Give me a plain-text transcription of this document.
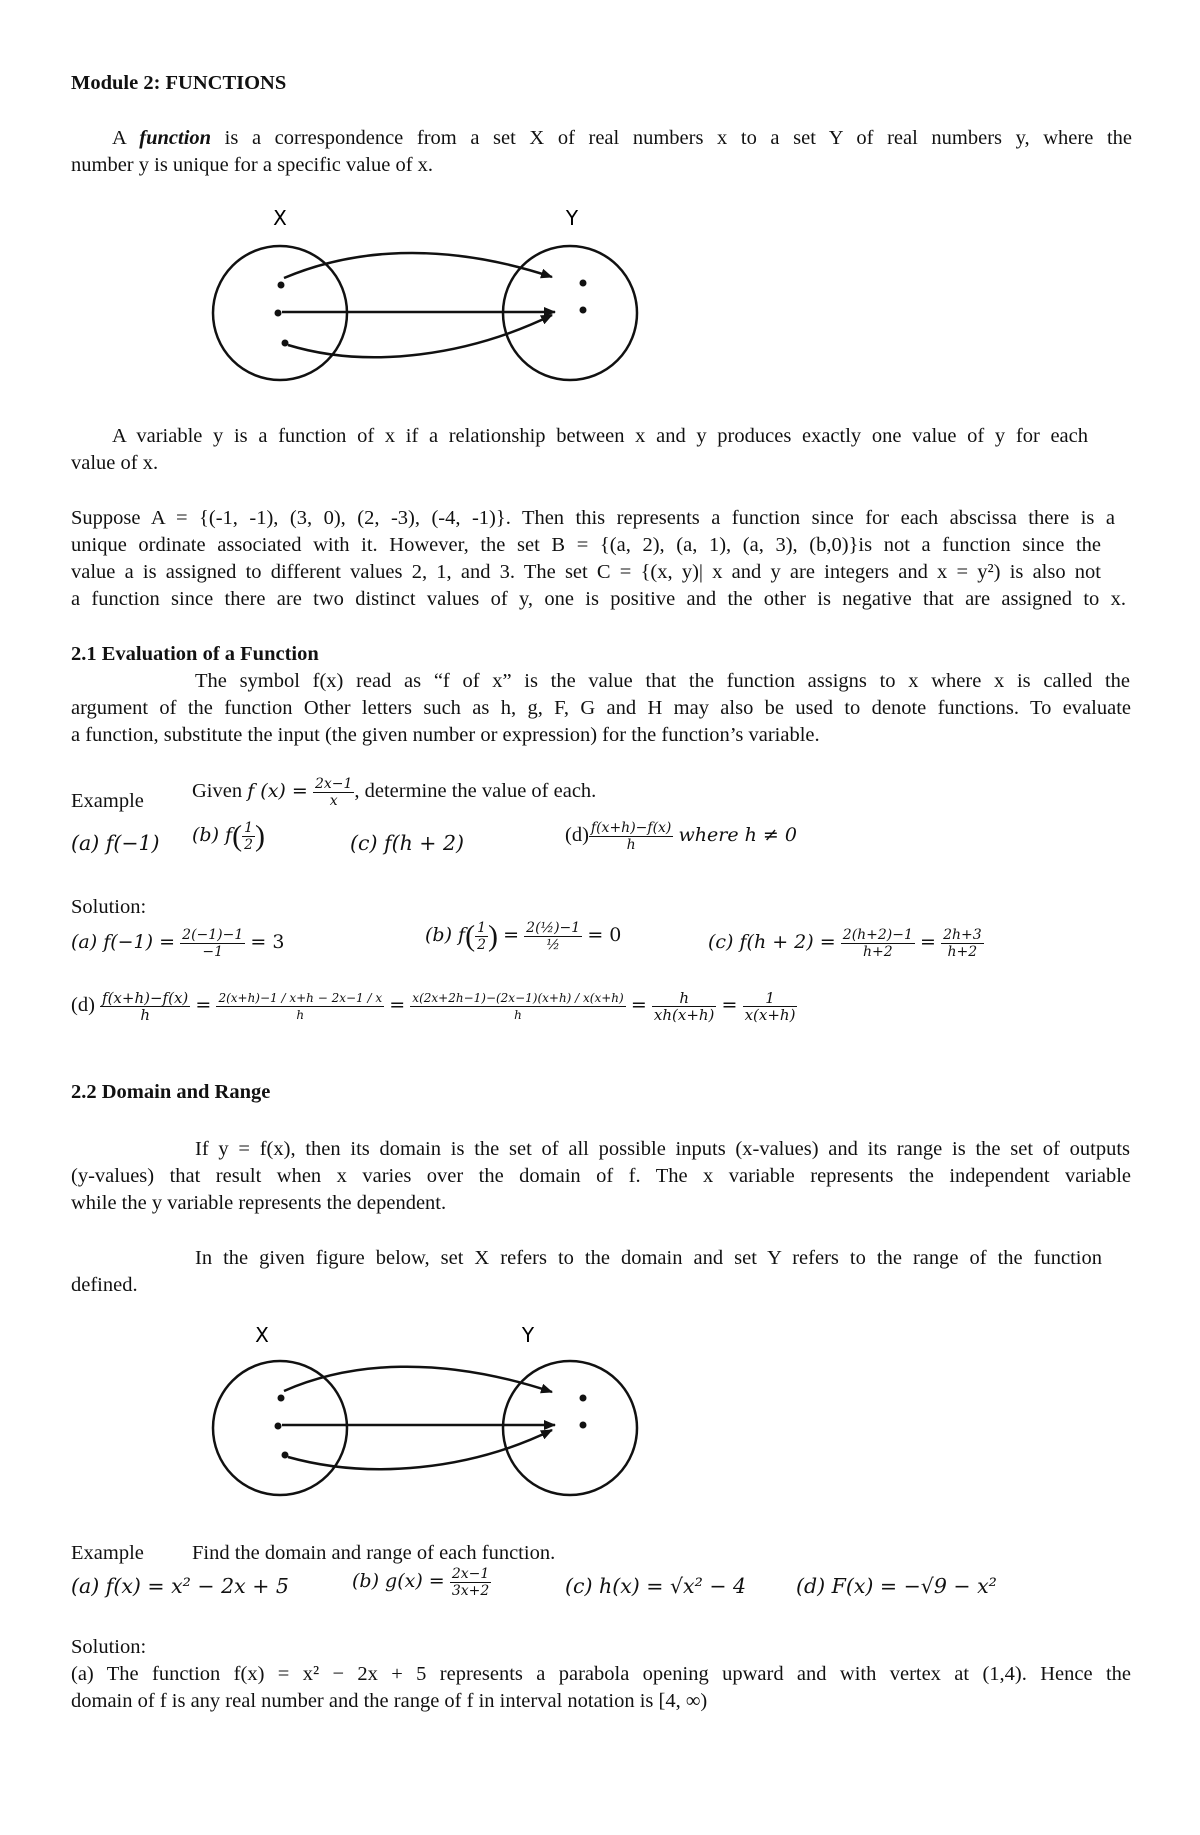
Module 2: FUNCTIONS
A function is a correspondence from a set X of real numbers x to a set Y of real numbers y, where the
number y is unique for a specific value of x.
X	Y
A variable y is a function of x if a relationship between x and y produces exactly one value of y for each
value of x.
Suppose A = {(-1, -1), (3, 0), (2, -3), (-4, -1)}. Then this represents a function since for each abscissa there is a
unique ordinate associated with it. However, the set B = {(a, 2), (a, 1), (a, 3), (b,0)}is not a function since the
value a is assigned to different values 2, 1, and 3. The set C = {(x, y)| x and y are integers and x = y²) is also not
a function since there are two distinct values of y, one is positive and the other is negative that are assigned to x.
2.1 Evaluation of a Function
The symbol f(x) read as “f of x” is the value that the function assigns to x where x is called the
argument of the function Other letters such as h, g, F, G and H may also be used to denote functions. To evaluate
a function, substitute the input (the given number or expression) for the function’s variable.
Example Given f $(x) = \frac{2x-1}{x}$ , determine the value of each.
(a) f(−1) (b) $f( \frac{1}{2}$ )	(c) f(h + 2)	$(d) \frac{f(x+h)-f(x)}{h}$ where h ≠ 0
Solution:
(a) $f(-1) = \frac{2(-1)-1}{-1} = 3$	(b) $f( \frac{1}{2}$ ) = $\frac{\text{2(½)−1}}{\text{½}} = 0$	(c) $f(h + 2) = \frac{2(h+2)-1}{h+2} = \frac{2h+3}{h+2}$
$(d) \frac{f(x+h)-f(x)}{h} = \frac{2(x+h)-1 / x+h - 2x-1 / x}{h} = \frac{x(2x+2h-1)-(2x-1)(x+h) / x(x+h)}{h} = \frac{h}{xh(x+h)} = \frac{1}{x(x+h)}$
2.2 Domain and Range
If y = f(x), then its domain is the set of all possible inputs (x-values) and its range is the set of outputs
(y-values) that result when x varies over the domain of f. The x variable represents the independent variable
while the y variable represents the dependent.
In the given figure below, set X refers to the domain and set Y refers to the range of the function
defined.
X	Y
Example Find the domain and range of each function.
(a) f(x) = x² − 2x + 5	(b) $g(x) = \frac{2x-1}{3x+2}$	(c) h(x) = √x² − 4 (d) F(x) = −√9 − x²
Solution:
(a) The function f(x) = x² − 2x + 5 represents a parabola opening upward and with vertex at (1,4). Hence the
domain of f is any real number and the range of f in interval notation is [4, ∞)
